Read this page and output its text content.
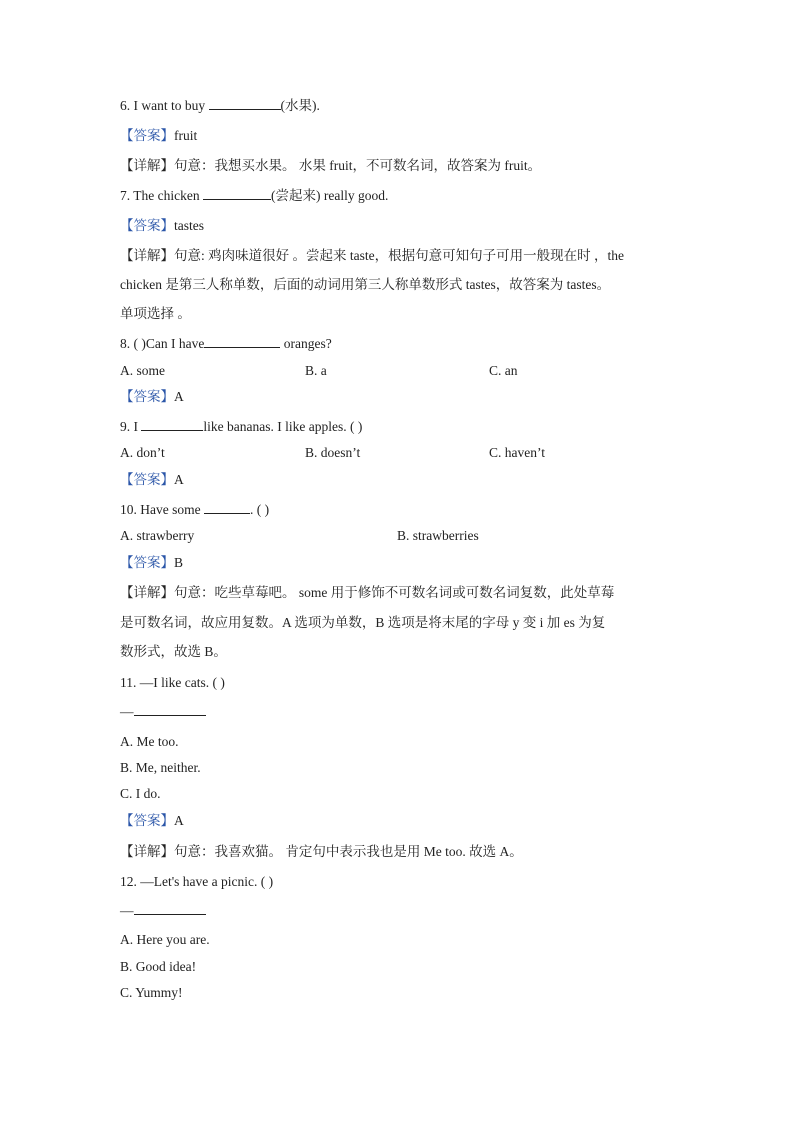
6. I want to buy	(水果).
【答案】fruit
【详解】句意：我想买水果。 水果 fruit，不可数名词，故答案为 fruit。
7. The chicken	(尝起来) really good.
【答案】tastes
【详解】句意: 鸡肉味道很好 。尝起来 taste，根据句意可知句子可用一般现在时 ，the
chicken 是第三人称单数，后面的动词用第三人称单数形式 tastes，故答案为 tastes。
单项选择 。
8. ( )Can I have	oranges?
A. some	B. a	C. an
【答案】A
9. I	like bananas. I like apples. ( )
A. don’t	B. doesn’t	C. haven’t
【答案】A
10. Have some	. ( )
A. strawberry	B. strawberries
【答案】B
【详解】句意：吃些草莓吧。 some 用于修饰不可数名词或可数名词复数，此处草莓
是可数名词，故应用复数。A 选项为单数，B 选项是将末尾的字母 y 变 i 加 es 为复
数形式，故选 B。
11. —I like cats. ( )
—
A. Me too.
B. Me, neither.
C. I do.
【答案】A
【详解】句意：我喜欢猫。 肯定句中表示我也是用 Me too. 故选 A。
12. —Let's have a picnic. ( )
—
A. Here you are.
B. Good idea!
C. Yummy!
